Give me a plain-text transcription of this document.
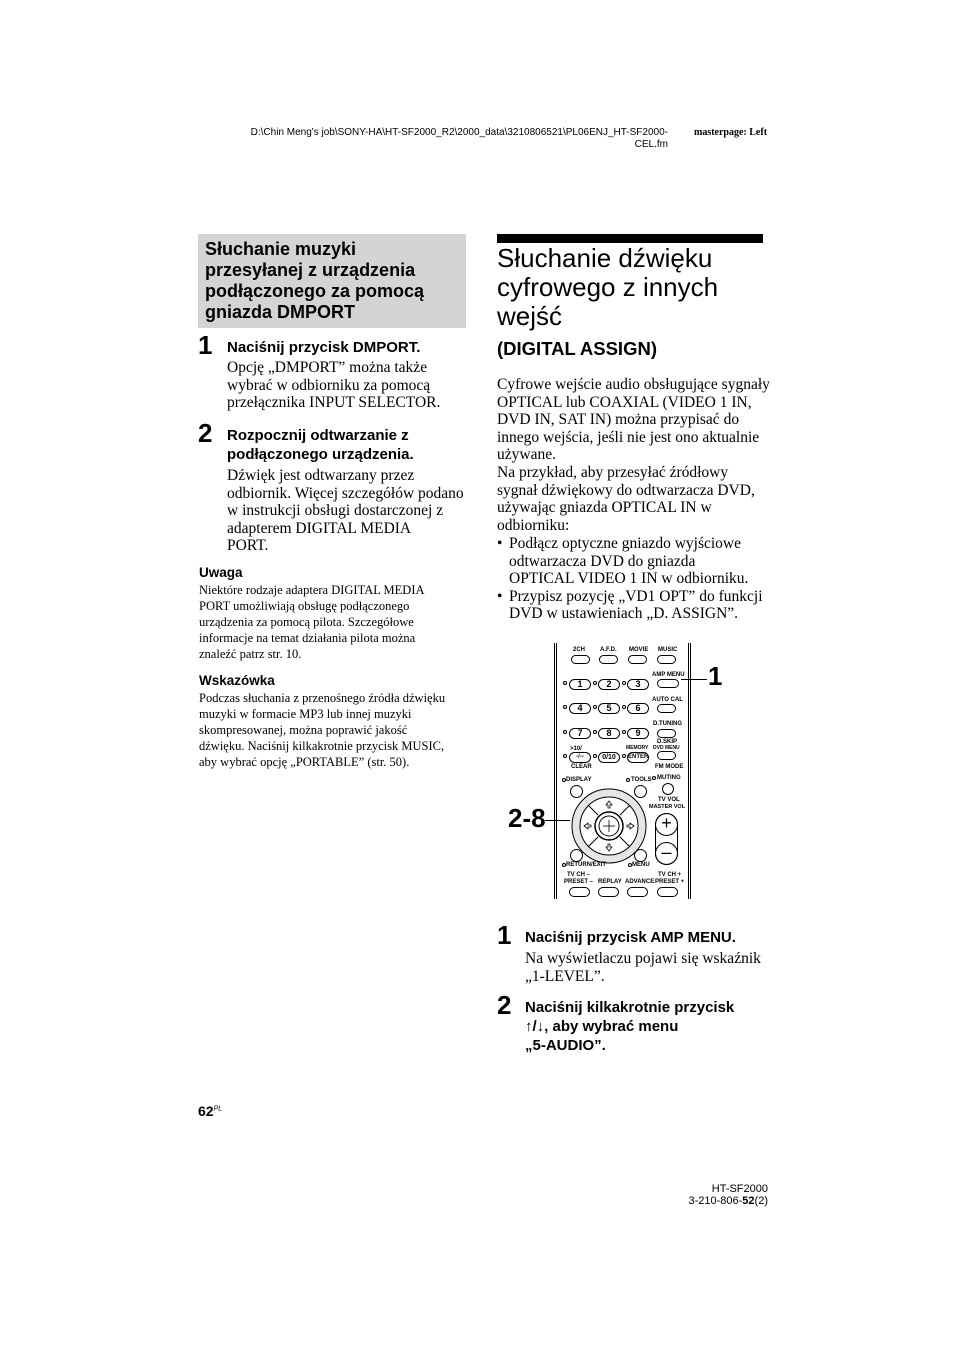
D:\Chin Meng's job\SONY-HA\HT-SF2000_R2\2000_data\3210806521\PL06ENJ_HT-SF2000-
CEL.fm
masterpage: Left
Słuchanie muzyki
przesyłanej z urządzenia
podłączonego za pomocą
gniazda DMPORT
1 Naciśnij przycisk DMPORT.
Opcję „DMPORT” można także
wybrać w odbiorniku za pomocą
przełącznika INPUT SELECTOR.
2 Rozpocznij odtwarzanie z
podłączonego urządzenia.
Dźwięk jest odtwarzany przez
odbiornik. Więcej szczegółów podano
w instrukcji obsługi dostarczonej z
adapterem DIGITAL MEDIA
PORT.
Uwaga
Niektóre rodzaje adaptera DIGITAL MEDIA
PORT umożliwiają obsługę podłączonego
urządzenia za pomocą pilota. Szczegółowe
informacje na temat działania pilota można
znaleźć patrz str. 10.
Wskazówka
Podczas słuchania z przenośnego źródła dźwięku
muzyki w formacie MP3 lub innej muzyki
skompresowanej, można poprawić jakość
dźwięku. Naciśnij kilkakrotnie przycisk MUSIC,
aby wybrać opcję „PORTABLE” (str. 50).
Słuchanie dźwięku
cyfrowego z innych
wejść
(DIGITAL ASSIGN)
Cyfrowe wejście audio obsługujące sygnały
OPTICAL lub COAXIAL (VIDEO 1 IN,
DVD IN, SAT IN) można przypisać do
innego wejścia, jeśli nie jest ono aktualnie
używane.
Na przykład, aby przesyłać źródłowy
sygnał dźwiękowy do odtwarzacza DVD,
używając gniazda OPTICAL IN w
odbiorniku:
• Podłącz optyczne gniazdo wyjściowe
odtwarzacza DVD do gniazda
OPTICAL VIDEO 1 IN w odbiorniku.
• Przypisz pozycję „VD1 OPT” do funkcji
DVD w ustawieniach „D. ASSIGN”.
2CH A.F.D. MOVIE MUSIC
AMP MENU
1	2	3
AUTO CAL
4	5	6
D.TUNING
7	8	9
D.SKIP
DVD MENU
>10/
-/--
CLEAR
0/10
MEMORY
ENTER
FM MODE
DISPLAY	TOOLS MUTING
TV VOL
MASTER VOL
+
–
RETURN/EXIT	MENU
TV CH –
PRESET – REPLAY ADVANCE
TV CH +
PRESET +
1
2-8
1 Naciśnij przycisk AMP MENU.
Na wyświetlaczu pojawi się wskaźnik
„1-LEVEL”.
2 Naciśnij kilkakrotnie przycisk
↑/↓, aby wybrać menu
„5-AUDIO”.
$62^{PL}$
HT-SF2000
3-210-806-52(2)
